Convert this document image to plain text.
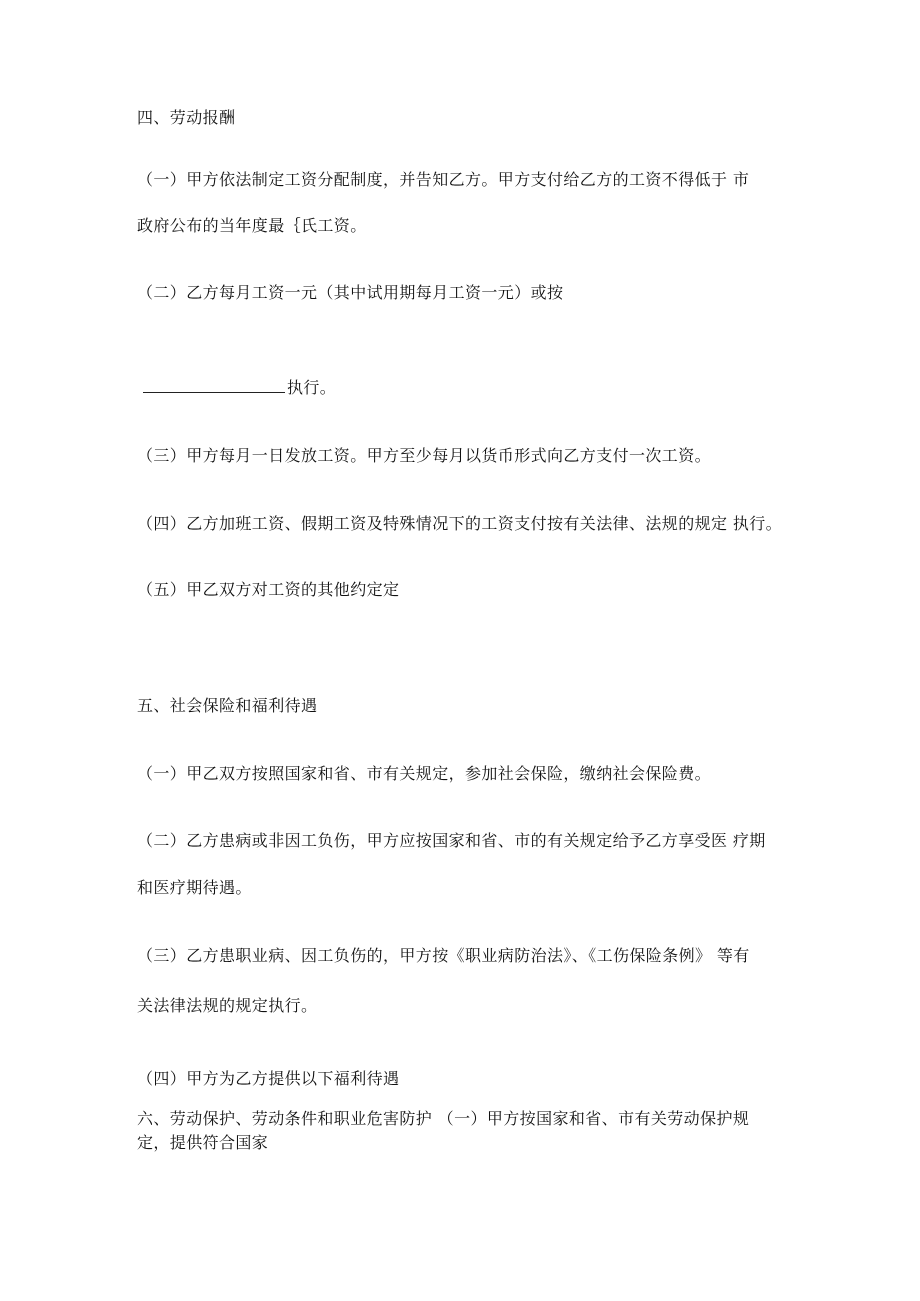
四、劳动报酬
（一）甲方依法制定工资分配制度，并告知乙方。甲方支付给乙方的工资不得低于 市
政府公布的当年度最｛氏工资。
（二）乙方每月工资一元（其中试用期每月工资一元）或按
执行。
（三）甲方每月一日发放工资。甲方至少每月以货币形式向乙方支付一次工资。
（四）乙方加班工资、假期工资及特殊情况下的工资支付按有关法律、法规的规定 执行。
（五）甲乙双方对工资的其他约定定
五、社会保险和福利待遇
（一）甲乙双方按照国家和省、市有关规定，参加社会保险，缴纳社会保险费。
（二）乙方患病或非因工负伤，甲方应按国家和省、市的有关规定给予乙方享受医 疗期
和医疗期待遇。
（三）乙方患职业病、因工负伤的，甲方按《职业病防治法》、《工伤保险条例》 等有
关法律法规的规定执行。
（四）甲方为乙方提供以下福利待遇
六、劳动保护、劳动条件和职业危害防护 （一）甲方按国家和省、市有关劳动保护规
定，提供符合国家
